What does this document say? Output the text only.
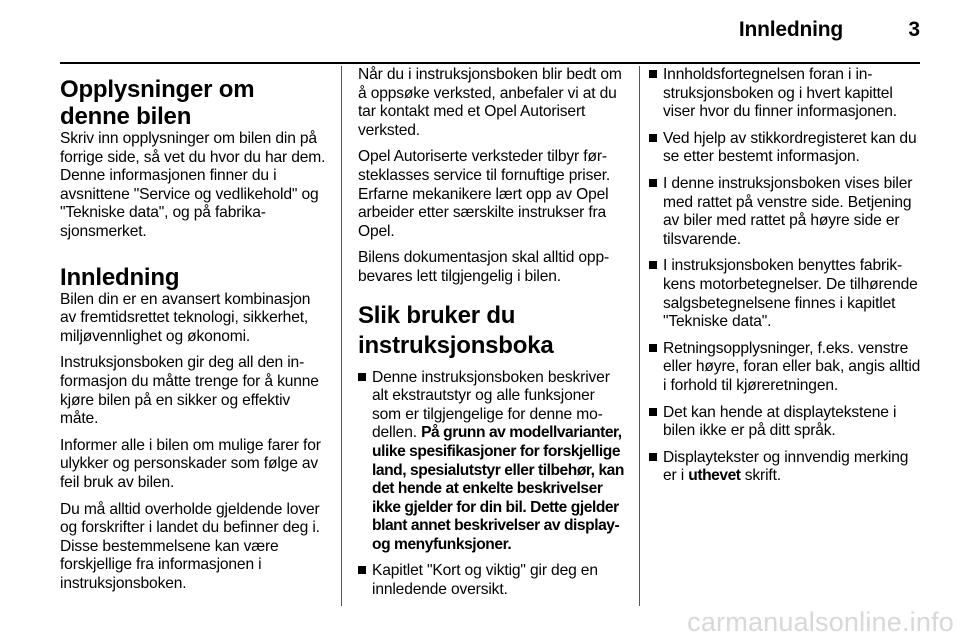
Innledning	3
Opplysninger om denne bilen

Skriv inn opplysninger om bilen din på forrige side, så vet du hvor du har dem. Denne informasjonen finner du i avsnittene "Service og vedlikehold" og "Tekniske data", og på fabrikasjonsmerket.

Innledning

Bilen din er en avansert kombinasjon av fremtidsrettet teknologi, sikkerhet, miljøvennlighet og økonomi.

Instruksjonsboken gir deg all den informasjon du måtte trenge for å kunne kjøre bilen på en sikker og effektiv måte.

Informer alle i bilen om mulige farer for ulykker og personskader som følge av feil bruk av bilen.

Du må alltid overholde gjeldende lover og forskrifter i landet du befinner deg i. Disse bestemmelsene kan være forskjellige fra informasjonen i instruksjonsboken.

Når du i instruksjonsboken blir bedt om å oppsøke verksted, anbefaler vi at du tar kontakt med et Opel Autorisert verksted.

Opel Autoriserte verksteder tilbyr førsteklasses service til fornuftige priser. Erfarne mekanikere lært opp av Opel arbeider etter særskilte instrukser fra Opel.

Bilens dokumentasjon skal alltid oppbevares lett tilgjengelig i bilen.

Slik bruker du instruksjonsboka
Denne instruksjonsboken beskriver alt ekstrautstyr og alle funksjoner som er tilgjengelige for denne modellen. På grunn av modellvarianter, ulike spesifikasjoner for forskjellige land, spesialutstyr eller tilbehør, kan det hende at enkelte beskrivelser ikke gjelder for din bil. Dette gjelder blant annet beskrivelser av display- og menyfunksjoner.
Kapitlet "Kort og viktig" gir deg en innledende oversikt.
Innholdsfortegnelsen foran i instruksjonsboken og i hvert kapittel viser hvor du finner informasjonen.
Ved hjelp av stikkordregisteret kan du se etter bestemt informasjon.
I denne instruksjonsboken vises biler med rattet på venstre side. Betjening av biler med rattet på høyre side er tilsvarende.
I instruksjonsboken benyttes fabrikkens motorbetegnelser. De tilhørende salgsbetegnelsene finnes i kapitlet "Tekniske data".
Retningsopplysninger, f.eks. venstre eller høyre, foran eller bak, angis alltid i forhold til kjøreretningen.
Det kan hende at displaytekstene i bilen ikke er på ditt språk.
Displaytekster og innvendig merking er i uthevet skrift.
carmanualsonline.info
